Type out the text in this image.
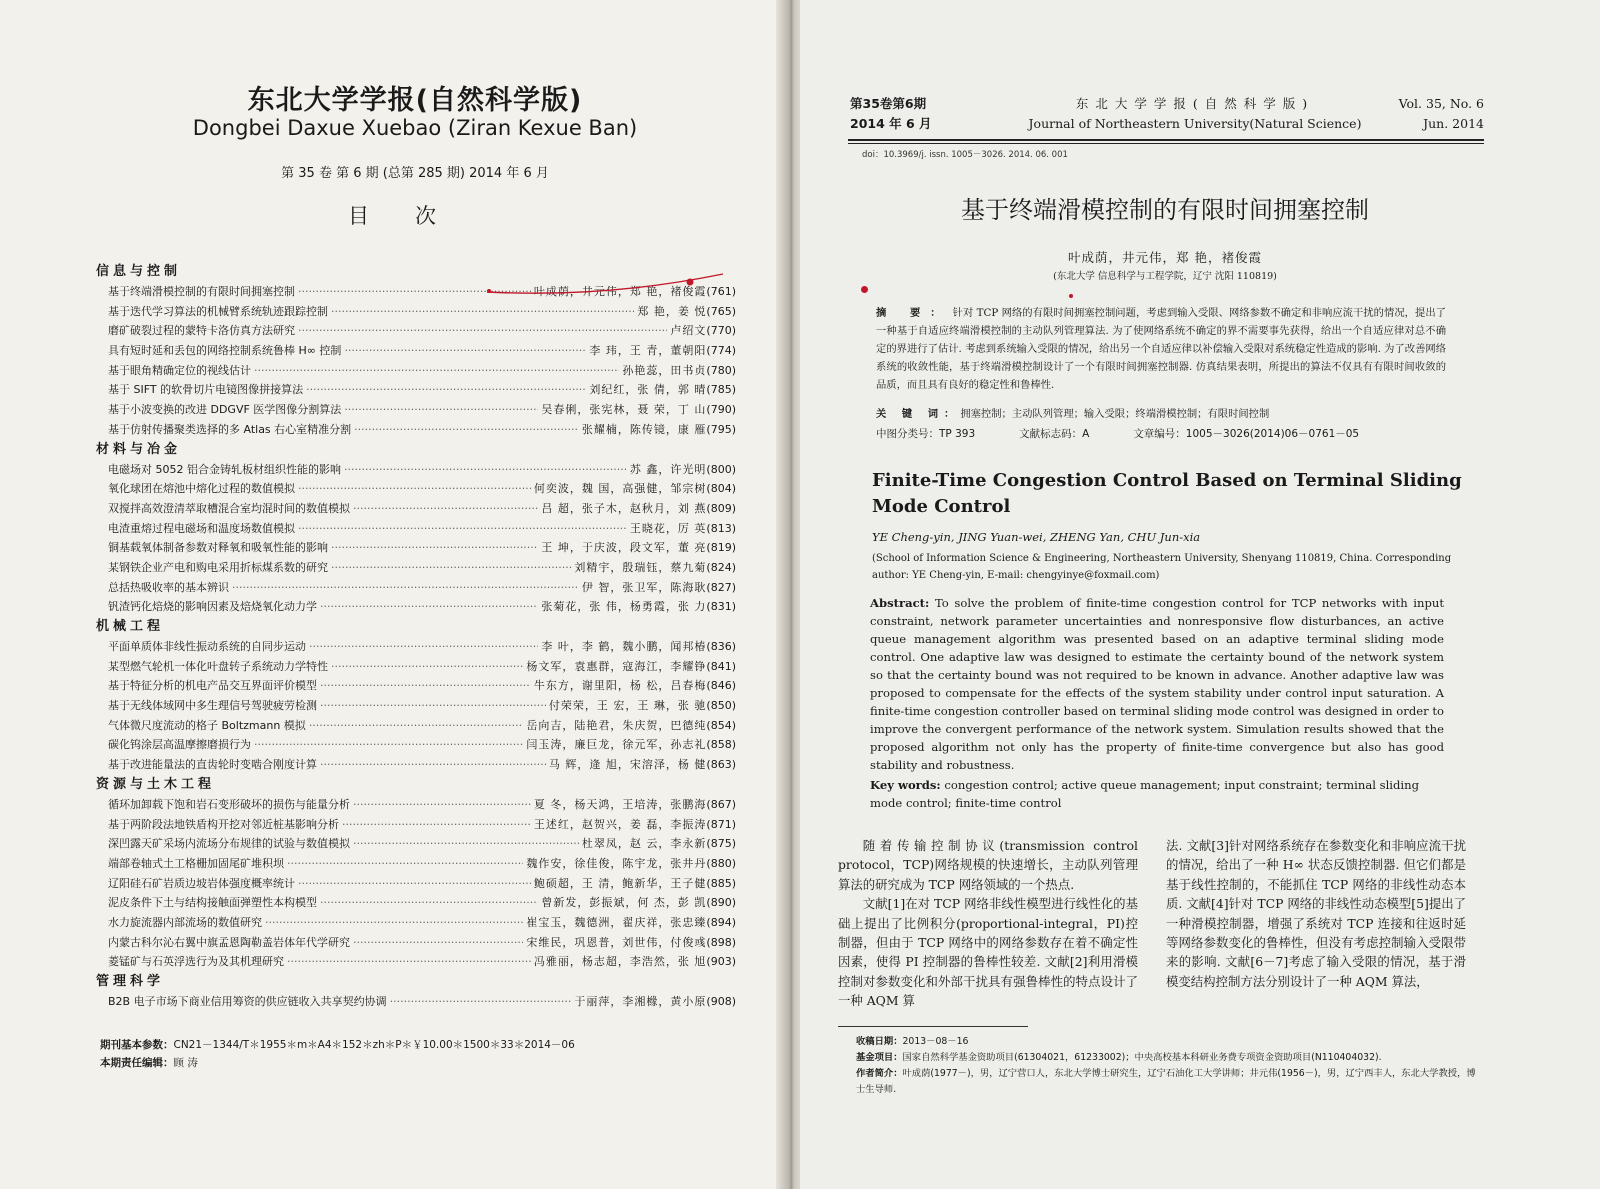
东北大学学报(自然科学版)
Dongbei Daxue Xuebao (Ziran Kexue Ban)
第 35 卷 第 6 期 (总第 285 期) 2014 年 6 月
目次
信息与控制
基于终端滑模控制的有限时间拥塞控制 ·····	叶成荫，井元伟，郑 艳，褚俊霞 (761)
基于迭代学习算法的机械臂系统轨迹跟踪控制 ·····	郑 艳，姜 悦 (765)
磨矿破裂过程的蒙特卡洛仿真方法研究 ·····	卢绍文 (770)
具有短时延和丢包的网络控制系统鲁棒 H∞ 控制 ·····	李 玮，王 青，董朝阳 (774)
基于眼角精确定位的视线估计 ·····	孙艳蕊，田书贞 (780)
基于 SIFT 的软骨切片电镜图像拼接算法 ·····	刘纪红，张 倩，郭 晴 (785)
基于小波变换的改进 DDGVF 医学图像分割算法 ·····	吴春俐，张宪林，聂 荣，丁 山 (790)
基于仿射传播聚类选择的多 Atlas 右心室精准分割 ·····	张耀楠，陈传镜，康 雁 (795)
材料与冶金
电磁场对 5052 铝合金铸轧板材组织性能的影响 ·····	苏 鑫，许光明 (800)
氧化球团在熔池中熔化过程的数值模拟 ·····	何奕波，魏 国，高强健，邹宗树 (804)
双搅拌高效澄清萃取槽混合室均混时间的数值模拟 ·····	吕 超，张子木，赵秋月，刘 燕 (809)
电渣重熔过程电磁场和温度场数值模拟 ·····	王晓花，厉 英 (813)
铜基载氧体制备参数对释氧和吸氧性能的影响 ·····	王 坤，于庆波，段文军，董 亮 (819)
某钢铁企业产电和购电采用折标煤系数的研究 ·····	刘精宇，殷瑞钰，蔡九菊 (824)
总括热吸收率的基本辨识 ·····	伊 智，张卫军，陈海耿 (827)
钒渣钙化焙烧的影响因素及焙烧氧化动力学 ·····	张菊花，张 伟，杨勇霞，张 力 (831)
机械工程
平面单质体非线性振动系统的自同步运动 ·····	李 叶，李 鹤，魏小鹏，闻邦椿 (836)
某型燃气轮机一体化叶盘转子系统动力学特性 ·····	杨文军，袁惠群，寇海江，李耀铮 (841)
基于特征分析的机电产品交互界面评价模型 ·····	牛东方，谢里阳，杨 松，吕春梅 (846)
基于无线体域网中多生理信号驾驶疲劳检测 ·····	付荣荣，王 宏，王 琳，张 驰 (850)
气体微尺度流动的格子 Boltzmann 模拟 ·····	岳向吉，陆艳君，朱庆贺，巴德纯 (854)
碳化钨涂层高温摩擦磨损行为 ·····	闫玉涛，廉巨龙，徐元军，孙志礼 (858)
基于改进能量法的直齿轮时变啮合刚度计算 ·····	马 辉，逄 旭，宋溶泽，杨 健 (863)
资源与土木工程
循环加卸载下饱和岩石变形破坏的损伤与能量分析 ·····	夏 冬，杨天鸿，王培涛，张鹏海 (867)
基于两阶段法地铁盾构开挖对邻近桩基影响分析 ·····	王述红，赵贺兴，姜 磊，李振涛 (871)
深凹露天矿采场内流场分布规律的试验与数值模拟 ·····	杜翠凤，赵 云，李永新 (875)
端部卷轴式土工格栅加固尾矿堆积坝 ·····	魏作安，徐佳俊，陈宇龙，张井丹 (880)
辽阳硅石矿岩质边坡岩体强度概率统计 ·····	鲍硕超，王 清，鲍新华，王子健 (885)
泥皮条件下土与结构接触面弹塑性本构模型 ·····	曾新发，彭振斌，何 杰，彭 凯 (890)
水力旋流器内部流场的数值研究 ·····	崔宝玉，魏德洲，翟庆祥，张忠臻 (894)
内蒙古科尔沁右翼中旗孟恩陶勒盖岩体年代学研究 ·····	宋维民，巩恩普，刘世伟，付俊彧 (898)
菱锰矿与石英浮选行为及其机理研究 ·····	冯雅丽，杨志超，李浩然，张 旭 (903)
管理科学
B2B 电子市场下商业信用筹资的供应链收入共享契约协调 ·····	于丽萍，李湘橼，黄小原 (908)
期刊基本参数：CN21－1344/T＊1955＊m＊A4＊152＊zh＊P＊￥10.00＊1500＊33＊2014－06
本期责任编辑：顾 涛
第35卷第6期
2014 年 6 月
东北大学学报(自然科学版)
Journal of Northeastern University(Natural Science)
Vol. 35, No. 6
Jun. 2014
doi：10.3969/j. issn. 1005－3026. 2014. 06. 001
基于终端滑模控制的有限时间拥塞控制
叶成荫，井元伟，郑 艳，褚俊霞
(东北大学 信息科学与工程学院，辽宁 沈阳 110819)
摘 要： 针对 TCP 网络的有限时间拥塞控制问题，考虑到输入受限、网络参数不确定和非响应流干扰的情况，提出了一种基于自适应终端滑模控制的主动队列管理算法. 为了使网络系统不确定的界不需要事先获得，给出一个自适应律对总不确定的界进行了估计. 考虑到系统输入受限的情况，给出另一个自适应律以补偿输入受限对系统稳定性造成的影响. 为了改善网络系统的收敛性能，基于终端滑模控制设计了一个有限时间拥塞控制器. 仿真结果表明，所提出的算法不仅具有有限时间收敛的品质，而且具有良好的稳定性和鲁棒性.
关 键 词：拥塞控制；主动队列管理；输入受限；终端滑模控制；有限时间控制
中图分类号：TP 393	文献标志码：A	文章编号：1005－3026(2014)06－0761－05
Finite-Time Congestion Control Based on Terminal Sliding Mode Control
YE Cheng-yin, JING Yuan-wei, ZHENG Yan, CHU Jun-xia
(School of Information Science & Engineering, Northeastern University, Shenyang 110819, China. Corresponding author: YE Cheng-yin, E-mail: chengyinye@foxmail.com)
Abstract: To solve the problem of finite-time congestion control for TCP networks with input constraint, network parameter uncertainties and nonresponsive flow disturbances, an active queue management algorithm was presented based on an adaptive terminal sliding mode control. One adaptive law was designed to estimate the certainty bound of the network system so that the certainty bound was not required to be known in advance. Another adaptive law was proposed to compensate for the effects of the system stability under control input saturation. A finite-time congestion controller based on terminal sliding mode control was designed in order to improve the convergent performance of the network system. Simulation results showed that the proposed algorithm not only has the property of finite-time convergence but also has good stability and robustness.
Key words: congestion control; active queue management; input constraint; terminal sliding mode control; finite-time control

随着传输控制协议(transmission control protocol，TCP)网络规模的快速增长，主动队列管理算法的研究成为 TCP 网络领域的一个热点.

文献[1]在对 TCP 网络非线性模型进行线性化的基础上提出了比例积分(proportional-integral，PI)控制器，但由于 TCP 网络中的网络参数存在着不确定性因素，使得 PI 控制器的鲁棒性较差. 文献[2]利用滑模控制对参数变化和外部干扰具有强鲁棒性的特点设计了一种 AQM 算

法. 文献[3]针对网络系统存在参数变化和非响应流干扰的情况，给出了一种 H∞ 状态反馈控制器. 但它们都是基于线性控制的，不能抓住 TCP 网络的非线性动态本质. 文献[4]针对 TCP 网络的非线性动态模型[5]提出了一种滑模控制器，增强了系统对 TCP 连接和往返时延等网络参数变化的鲁棒性，但没有考虑控制输入受限带来的影响. 文献[6－7]考虑了输入受限的情况，基于滑模变结构控制方法分别设计了一种 AQM 算法，

收稿日期：2013－08－16
基金项目：国家自然科学基金资助项目(61304021，61233002)；中央高校基本科研业务费专项资金资助项目(N110404032).
作者简介：叶成荫(1977－)，男，辽宁营口人，东北大学博士研究生，辽宁石油化工大学讲师；井元伟(1956－)，男，辽宁西丰人，东北大学教授，博士生导师.
